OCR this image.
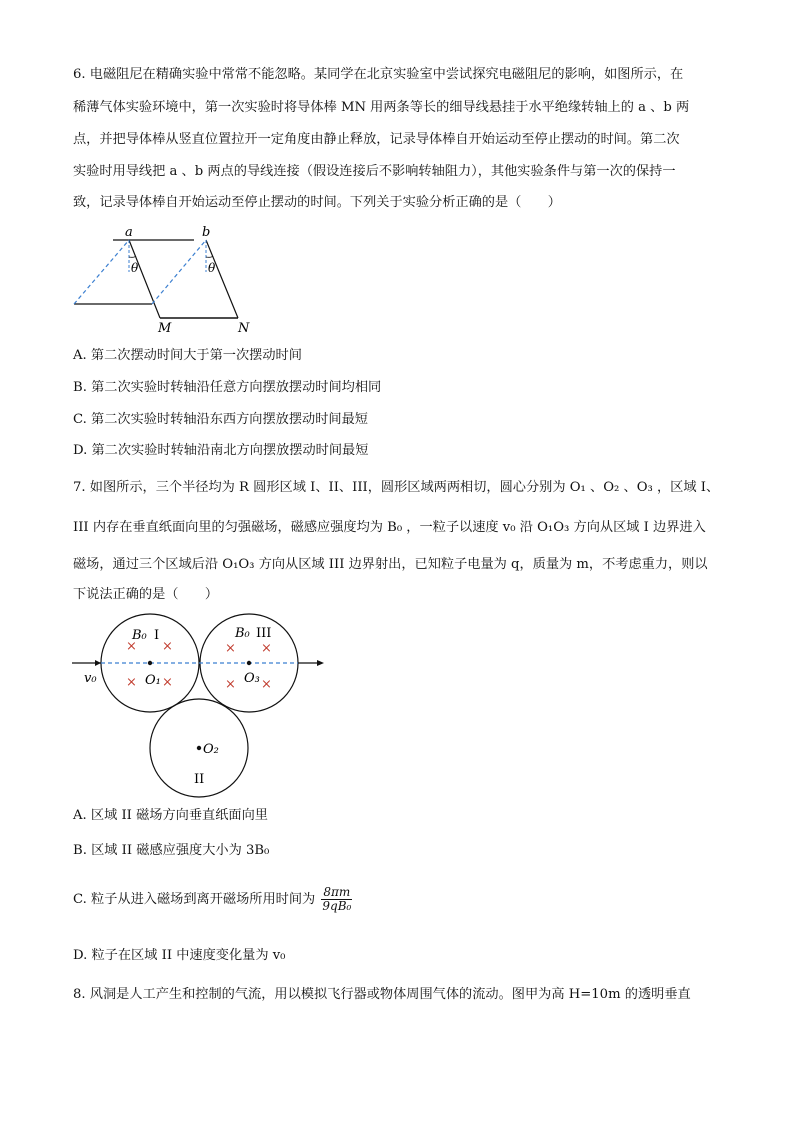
6. 电磁阻尼在精确实验中常常不能忽略。某同学在北京实验室中尝试探究电磁阻尼的影响，如图所示，在
稀薄气体实验环境中，第一次实验时将导体棒 MN 用两条等长的细导线悬挂于水平绝缘转轴上的 a 、b 两
点，并把导体棒从竖直位置拉开一定角度由静止释放，记录导体棒自开始运动至停止摆动的时间。第二次
实验时用导线把 a 、b 两点的导线连接（假设连接后不影响转轴阻力），其他实验条件与第一次的保持一
致，记录导体棒自开始运动至停止摆动的时间。下列关于实验分析正确的是（　　）
a	b
θ	θ
M	N
A. 第二次摆动时间大于第一次摆动时间
B. 第二次实验时转轴沿任意方向摆放摆动时间均相同
C. 第二次实验时转轴沿东西方向摆放摆动时间最短
D. 第二次实验时转轴沿南北方向摆放摆动时间最短
7. 如图所示，三个半径均为 R 圆形区域 I、II、III，圆形区域两两相切，圆心分别为 O₁ 、O₂ 、O₃ ，区域 I、
III 内存在垂直纸面向里的匀强磁场，磁感应强度均为 B₀ ，一粒子以速度 v₀ 沿 O₁O₃ 方向从区域 I 边界进入
磁场，通过三个区域后沿 O₁O₃ 方向从区域 III 边界射出，已知粒子电量为 q，质量为 m，不考虑重力，则以
下说法正确的是（　　）
× ×
× ×
× ×
× ×
B₀ I	B₀ III
O₁	O₃
O₂
II
v₀
A. 区域 II 磁场方向垂直纸面向里
B. 区域 II 磁感应强度大小为 3B₀
C. 粒子从进入磁场到离开磁场所用时间为 $\frac{8\pi m}{\text{9qB₀}}$
D. 粒子在区域 II 中速度变化量为 v₀
8. 风洞是人工产生和控制的气流，用以模拟飞行器或物体周围气体的流动。图甲为高 H=10m 的透明垂直
